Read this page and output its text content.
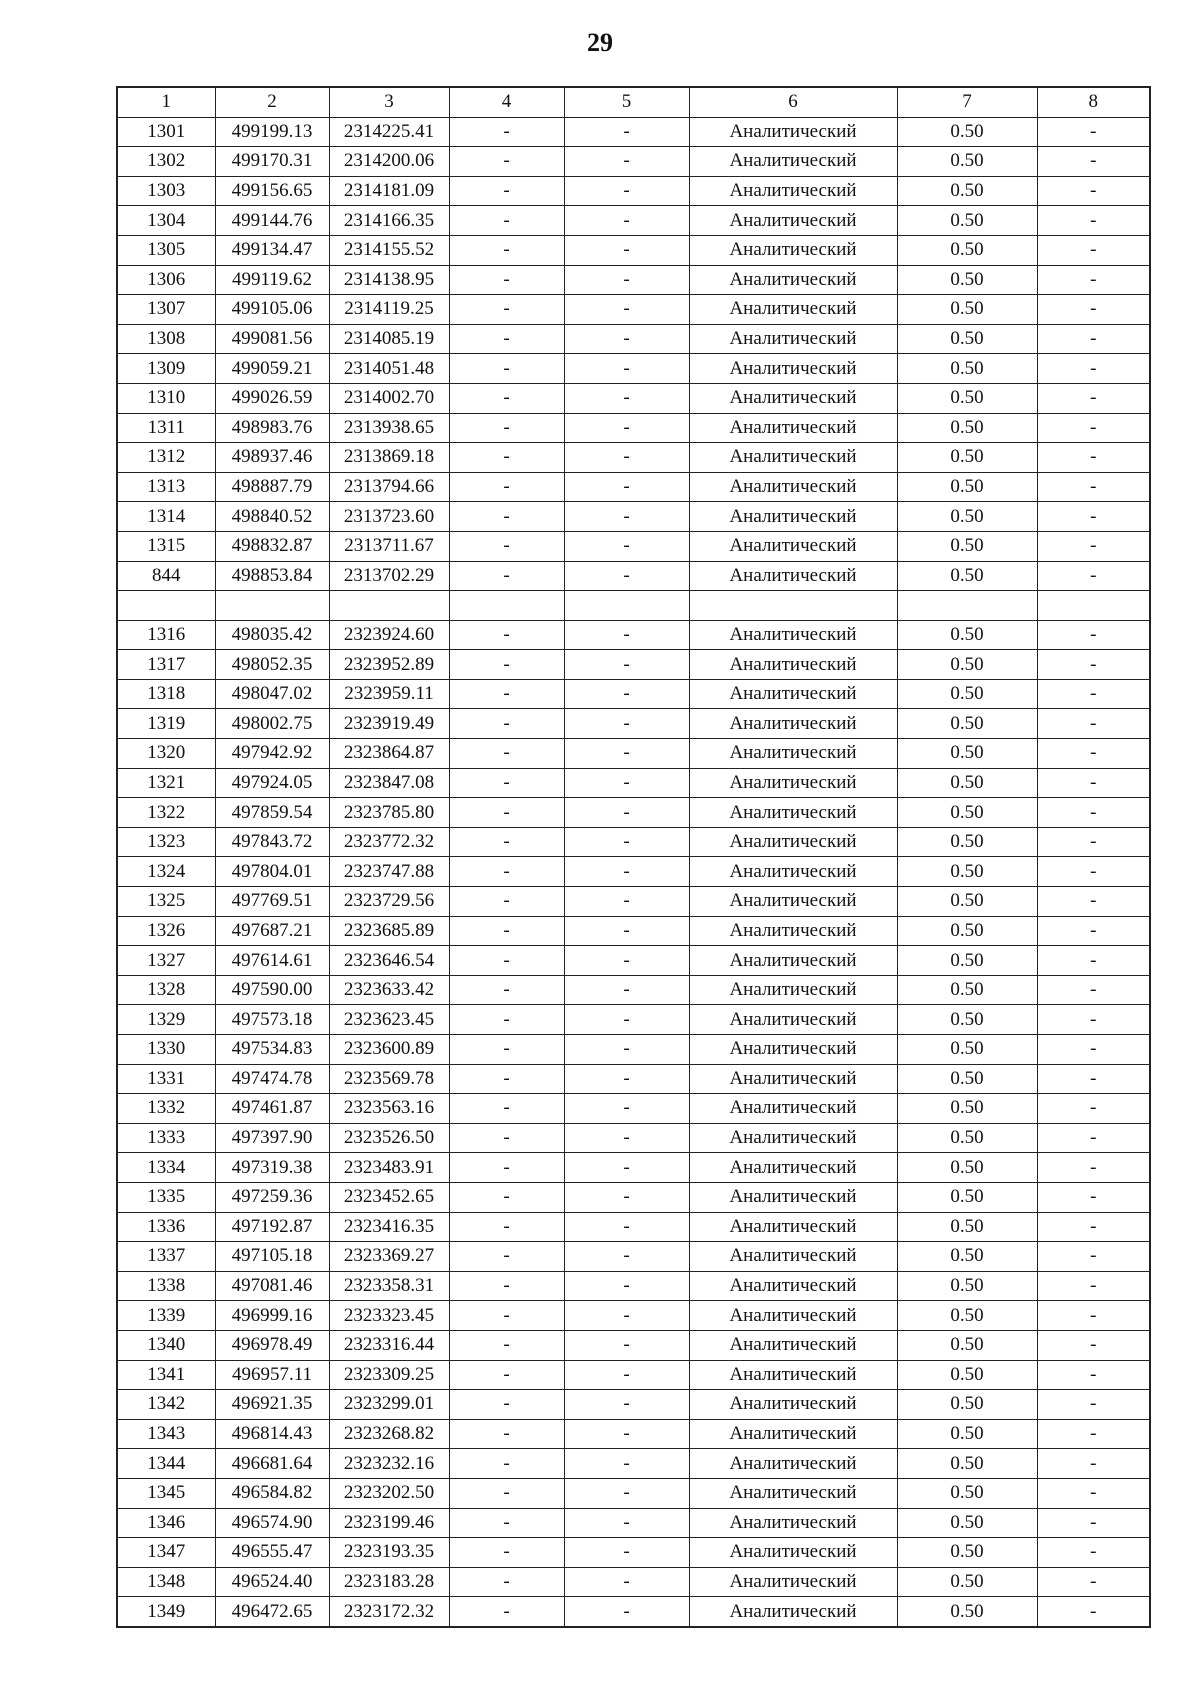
29
1	2	3	4	5	6	7	8
1301	499199.13	2314225.41	-	-	Аналитический	0.50	-
1302	499170.31	2314200.06	-	-	Аналитический	0.50	-
1303	499156.65	2314181.09	-	-	Аналитический	0.50	-
1304	499144.76	2314166.35	-	-	Аналитический	0.50	-
1305	499134.47	2314155.52	-	-	Аналитический	0.50	-
1306	499119.62	2314138.95	-	-	Аналитический	0.50	-
1307	499105.06	2314119.25	-	-	Аналитический	0.50	-
1308	499081.56	2314085.19	-	-	Аналитический	0.50	-
1309	499059.21	2314051.48	-	-	Аналитический	0.50	-
1310	499026.59	2314002.70	-	-	Аналитический	0.50	-
1311	498983.76	2313938.65	-	-	Аналитический	0.50	-
1312	498937.46	2313869.18	-	-	Аналитический	0.50	-
1313	498887.79	2313794.66	-	-	Аналитический	0.50	-
1314	498840.52	2313723.60	-	-	Аналитический	0.50	-
1315	498832.87	2313711.67	-	-	Аналитический	0.50	-
844	498853.84	2313702.29	-	-	Аналитический	0.50	-

1316	498035.42	2323924.60	-	-	Аналитический	0.50	-
1317	498052.35	2323952.89	-	-	Аналитический	0.50	-
1318	498047.02	2323959.11	-	-	Аналитический	0.50	-
1319	498002.75	2323919.49	-	-	Аналитический	0.50	-
1320	497942.92	2323864.87	-	-	Аналитический	0.50	-
1321	497924.05	2323847.08	-	-	Аналитический	0.50	-
1322	497859.54	2323785.80	-	-	Аналитический	0.50	-
1323	497843.72	2323772.32	-	-	Аналитический	0.50	-
1324	497804.01	2323747.88	-	-	Аналитический	0.50	-
1325	497769.51	2323729.56	-	-	Аналитический	0.50	-
1326	497687.21	2323685.89	-	-	Аналитический	0.50	-
1327	497614.61	2323646.54	-	-	Аналитический	0.50	-
1328	497590.00	2323633.42	-	-	Аналитический	0.50	-
1329	497573.18	2323623.45	-	-	Аналитический	0.50	-
1330	497534.83	2323600.89	-	-	Аналитический	0.50	-
1331	497474.78	2323569.78	-	-	Аналитический	0.50	-
1332	497461.87	2323563.16	-	-	Аналитический	0.50	-
1333	497397.90	2323526.50	-	-	Аналитический	0.50	-
1334	497319.38	2323483.91	-	-	Аналитический	0.50	-
1335	497259.36	2323452.65	-	-	Аналитический	0.50	-
1336	497192.87	2323416.35	-	-	Аналитический	0.50	-
1337	497105.18	2323369.27	-	-	Аналитический	0.50	-
1338	497081.46	2323358.31	-	-	Аналитический	0.50	-
1339	496999.16	2323323.45	-	-	Аналитический	0.50	-
1340	496978.49	2323316.44	-	-	Аналитический	0.50	-
1341	496957.11	2323309.25	-	-	Аналитический	0.50	-
1342	496921.35	2323299.01	-	-	Аналитический	0.50	-
1343	496814.43	2323268.82	-	-	Аналитический	0.50	-
1344	496681.64	2323232.16	-	-	Аналитический	0.50	-
1345	496584.82	2323202.50	-	-	Аналитический	0.50	-
1346	496574.90	2323199.46	-	-	Аналитический	0.50	-
1347	496555.47	2323193.35	-	-	Аналитический	0.50	-
1348	496524.40	2323183.28	-	-	Аналитический	0.50	-
1349	496472.65	2323172.32	-	-	Аналитический	0.50	-
